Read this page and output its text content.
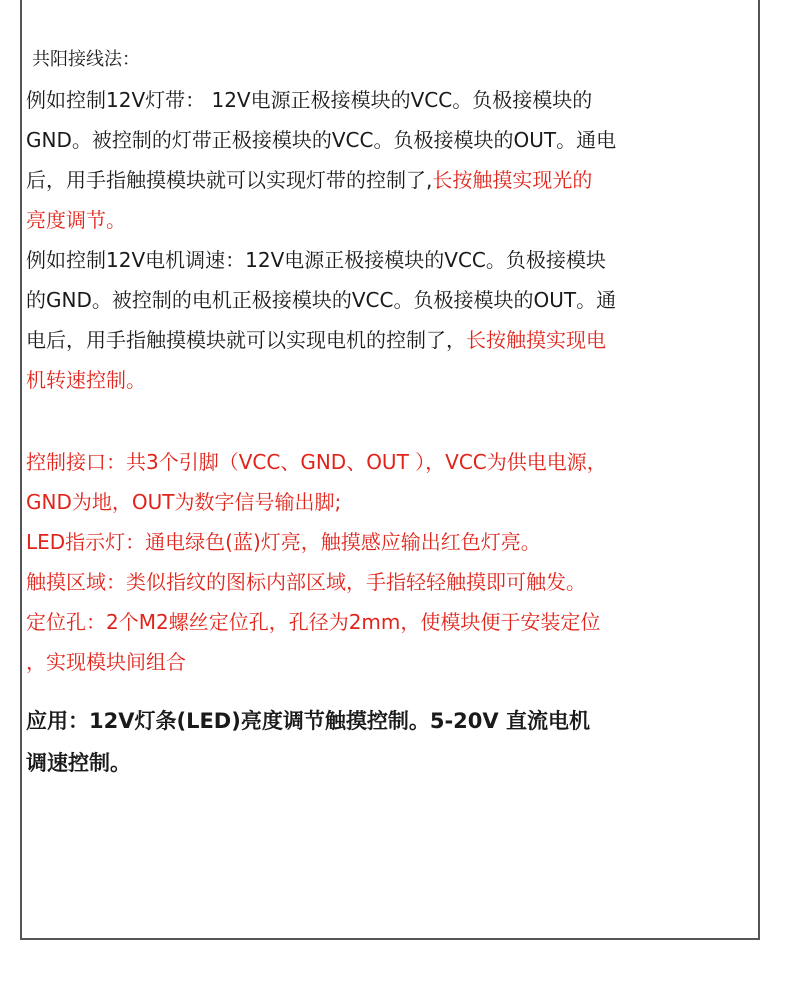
共阳接线法：
例如控制12V灯带： 12V电源正极接模块的VCC。负极接模块的
GND。被控制的灯带正极接模块的VCC。负极接模块的OUT。通电
后，用手指触摸模块就可以实现灯带的控制了,长按触摸实现光的
亮度调节。
例如控制12V电机调速：12V电源正极接模块的VCC。负极接模块
的GND。被控制的电机正极接模块的VCC。负极接模块的OUT。通
电后，用手指触摸模块就可以实现电机的控制了，长按触摸实现电
机转速控制。
控制接口：共3个引脚（VCC、GND、OUT ），VCC为供电电源，
GND为地，OUT为数字信号输出脚;
LED指示灯：通电绿色(蓝)灯亮，触摸感应输出红色灯亮。
触摸区域：类似指纹的图标内部区域，手指轻轻触摸即可触发。
定位孔：2个M2螺丝定位孔，孔径为2mm，使模块便于安装定位
，实现模块间组合
应用：12V灯条(LED)亮度调节触摸控制。5-20V 直流电机
调速控制。
